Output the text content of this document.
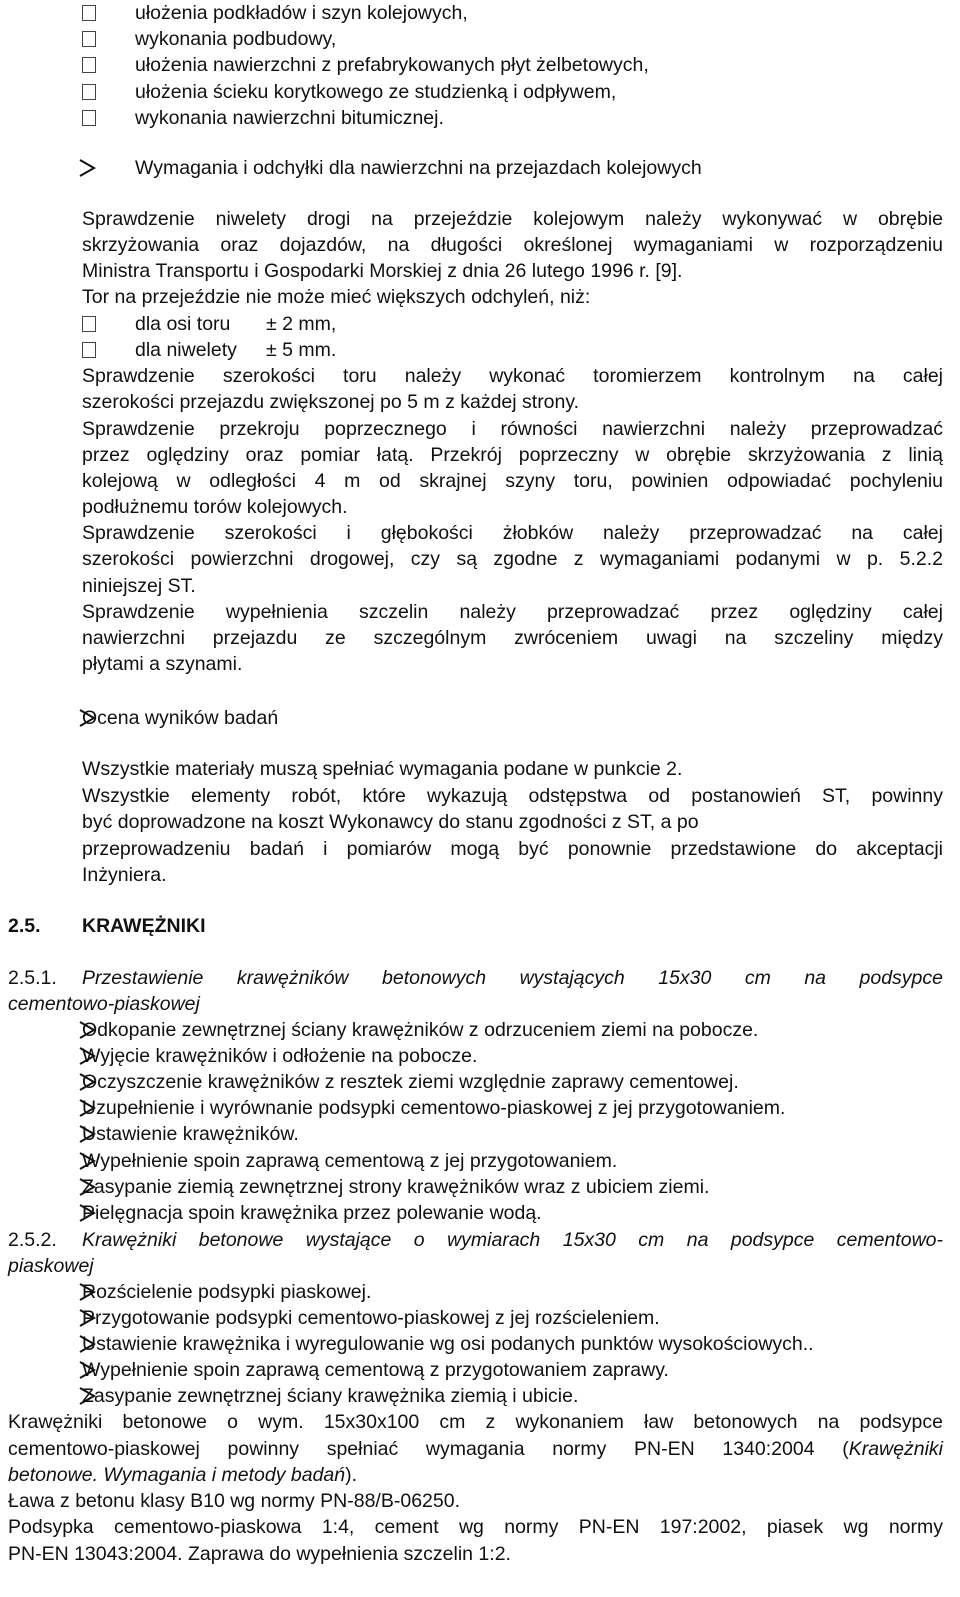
ułożenia podkładów i szyn kolejowych,
wykonania podbudowy,
ułożenia nawierzchni z prefabrykowanych płyt żelbetowych,
ułożenia ścieku korytkowego ze studzienką i odpływem,
wykonania nawierzchni bitumicznej.
Wymagania i odchyłki dla nawierzchni na przejazdach kolejowych
Sprawdzenie niwelety drogi na przejeździe kolejowym należy wykonywać w obrębie
skrzyżowania oraz dojazdów, na długości określonej wymaganiami w rozporządzeniu
Ministra Transportu i Gospodarki Morskiej z dnia 26 lutego 1996 r. [9].
Tor na przejeździe nie może mieć większych odchyleń, niż:
dla osi toru ± 2 mm,
dla niwelety ± 5 mm.
Sprawdzenie szerokości toru należy wykonać toromierzem kontrolnym na całej
szerokości przejazdu zwiększonej po 5 m z każdej strony.
Sprawdzenie przekroju poprzecznego i równości nawierzchni należy przeprowadzać
przez oględziny oraz pomiar łatą. Przekrój poprzeczny w obrębie skrzyżowania z linią
kolejową w odległości 4 m od skrajnej szyny toru, powinien odpowiadać pochyleniu
podłużnemu torów kolejowych.
Sprawdzenie szerokości i głębokości żłobków należy przeprowadzać na całej
szerokości powierzchni drogowej, czy są zgodne z wymaganiami podanymi w p. 5.2.2
niniejszej ST.
Sprawdzenie wypełnienia szczelin należy przeprowadzać przez oględziny całej
nawierzchni przejazdu ze szczególnym zwróceniem uwagi na szczeliny między
płytami a szynami.
Ocena wyników badań
Wszystkie materiały muszą spełniać wymagania podane w punkcie 2.
Wszystkie elementy robót, które wykazują odstępstwa od postanowień ST, powinny
być doprowadzone na koszt Wykonawcy do stanu zgodności z ST, a po
przeprowadzeniu badań i pomiarów mogą być ponownie przedstawione do akceptacji
Inżyniera.
2.5. KRAWĘŻNIKI
2.5.1. Przestawienie krawężników betonowych wystających 15x30 cm na podsypce
cementowo-piaskowej
Odkopanie zewnętrznej ściany krawężników z odrzuceniem ziemi na pobocze.
Wyjęcie krawężników i odłożenie na pobocze.
Oczyszczenie krawężników z resztek ziemi względnie zaprawy cementowej.
Uzupełnienie i wyrównanie podsypki cementowo-piaskowej z jej przygotowaniem.
Ustawienie krawężników.
Wypełnienie spoin zaprawą cementową z jej przygotowaniem.
Zasypanie ziemią zewnętrznej strony krawężników wraz z ubiciem ziemi.
Pielęgnacja spoin krawężnika przez polewanie wodą.
2.5.2. Krawężniki betonowe wystające o wymiarach 15x30 cm na podsypce cementowo-
piaskowej
Rozścielenie podsypki piaskowej.
Przygotowanie podsypki cementowo-piaskowej z jej rozścieleniem.
Ustawienie krawężnika i wyregulowanie wg osi podanych punktów wysokościowych..
Wypełnienie spoin zaprawą cementową z przygotowaniem zaprawy.
Zasypanie zewnętrznej ściany krawężnika ziemią i ubicie.
Krawężniki betonowe o wym. 15x30x100 cm z wykonaniem ław betonowych na podsypce
cementowo-piaskowej powinny spełniać wymagania normy PN-EN 1340:2004 (Krawężniki
betonowe. Wymagania i metody badań).
Ława z betonu klasy B10 wg normy PN-88/B-06250.
Podsypka cementowo-piaskowa 1:4, cement wg normy PN-EN 197:2002, piasek wg normy
PN-EN 13043:2004. Zaprawa do wypełnienia szczelin 1:2.
